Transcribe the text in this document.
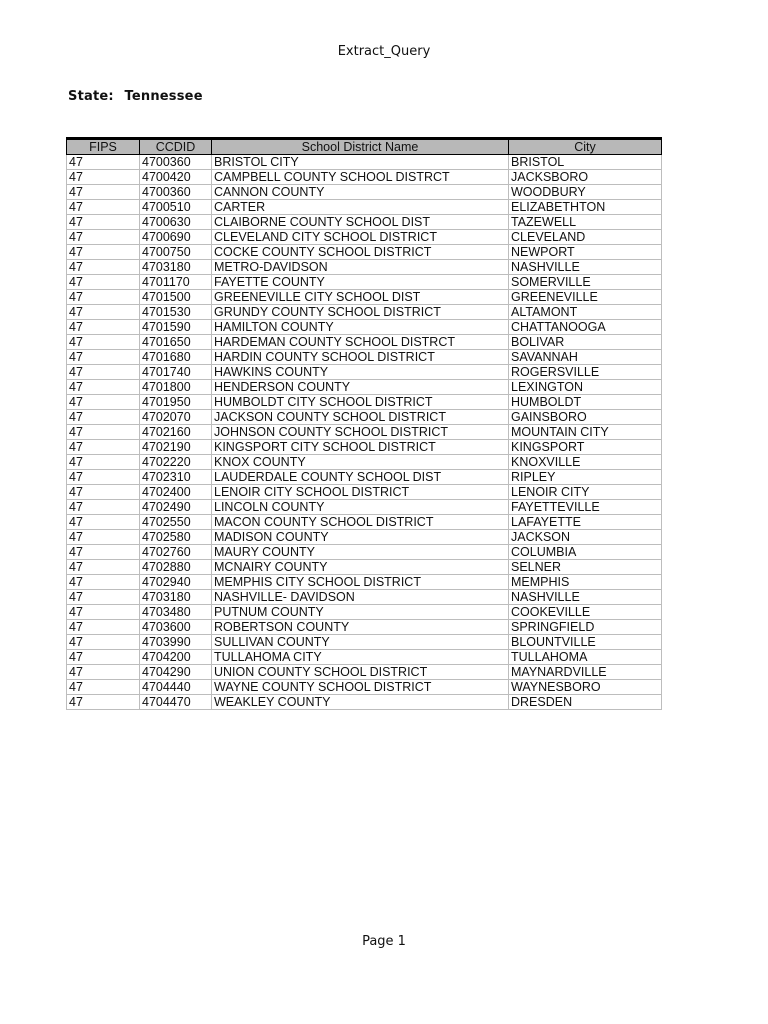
Extract_Query
State: Tennessee
FIPS	CCDID	School District Name	City
47	4700360	BRISTOL CITY	BRISTOL
47	4700420	CAMPBELL COUNTY SCHOOL DISTRCT	JACKSBORO
47	4700360	CANNON COUNTY	WOODBURY
47	4700510	CARTER	ELIZABETHTON
47	4700630	CLAIBORNE COUNTY SCHOOL DIST	TAZEWELL
47	4700690	CLEVELAND CITY SCHOOL DISTRICT	CLEVELAND
47	4700750	COCKE COUNTY SCHOOL DISTRICT	NEWPORT
47	4703180	METRO-DAVIDSON	NASHVILLE
47	4701170	FAYETTE COUNTY	SOMERVILLE
47	4701500	GREENEVILLE CITY SCHOOL DIST	GREENEVILLE
47	4701530	GRUNDY COUNTY SCHOOL DISTRICT	ALTAMONT
47	4701590	HAMILTON COUNTY	CHATTANOOGA
47	4701650	HARDEMAN COUNTY SCHOOL DISTRCT	BOLIVAR
47	4701680	HARDIN COUNTY SCHOOL DISTRICT	SAVANNAH
47	4701740	HAWKINS COUNTY	ROGERSVILLE
47	4701800	HENDERSON COUNTY	LEXINGTON
47	4701950	HUMBOLDT CITY SCHOOL DISTRICT	HUMBOLDT
47	4702070	JACKSON COUNTY SCHOOL DISTRICT	GAINSBORO
47	4702160	JOHNSON COUNTY SCHOOL DISTRICT	MOUNTAIN CITY
47	4702190	KINGSPORT CITY SCHOOL DISTRICT	KINGSPORT
47	4702220	KNOX COUNTY	KNOXVILLE
47	4702310	LAUDERDALE COUNTY SCHOOL DIST	RIPLEY
47	4702400	LENOIR CITY SCHOOL DISTRICT	LENOIR CITY
47	4702490	LINCOLN COUNTY	FAYETTEVILLE
47	4702550	MACON COUNTY SCHOOL DISTRICT	LAFAYETTE
47	4702580	MADISON COUNTY	JACKSON
47	4702760	MAURY COUNTY	COLUMBIA
47	4702880	MCNAIRY COUNTY	SELNER
47	4702940	MEMPHIS CITY SCHOOL DISTRICT	MEMPHIS
47	4703180	NASHVILLE- DAVIDSON	NASHVILLE
47	4703480	PUTNUM COUNTY	COOKEVILLE
47	4703600	ROBERTSON COUNTY	SPRINGFIELD
47	4703990	SULLIVAN COUNTY	BLOUNTVILLE
47	4704200	TULLAHOMA CITY	TULLAHOMA
47	4704290	UNION COUNTY SCHOOL DISTRICT	MAYNARDVILLE
47	4704440	WAYNE COUNTY SCHOOL DISTRICT	WAYNESBORO
47	4704470	WEAKLEY COUNTY	DRESDEN
Page 1
